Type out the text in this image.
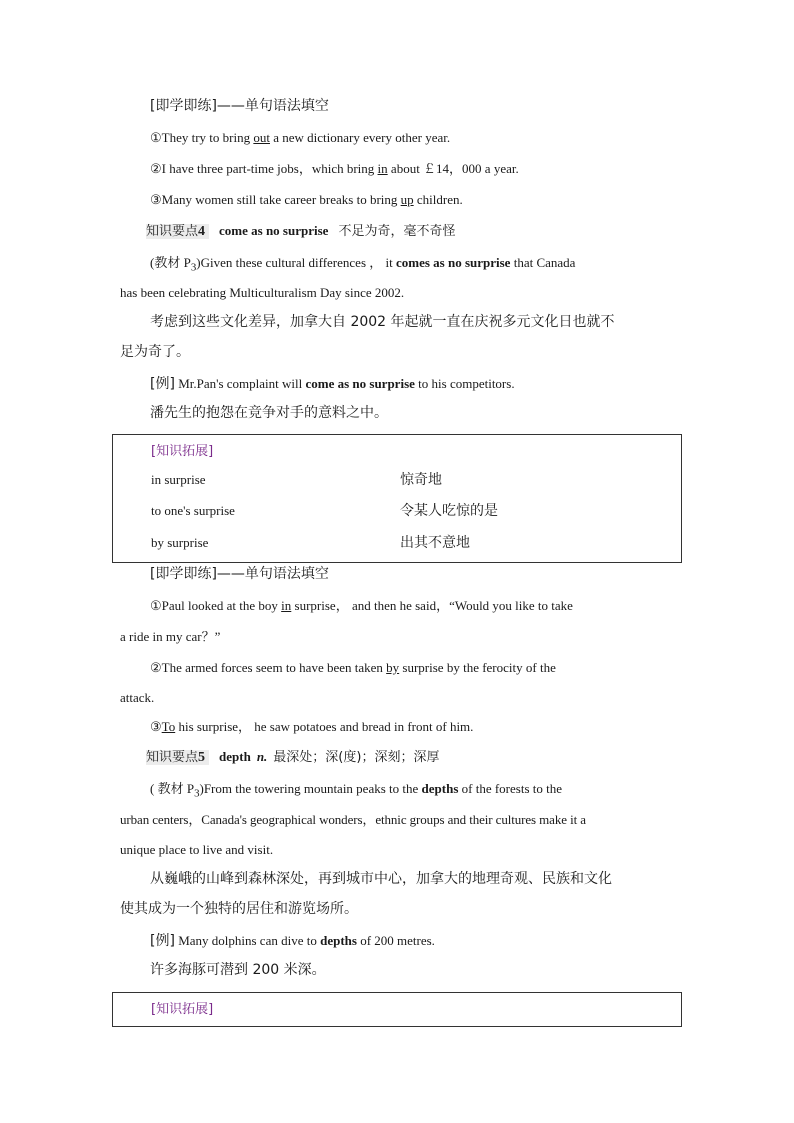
[即学即练]——单句语法填空
①They try to bring out a new dictionary every other year.
②I have three part-time jobs，which bring in about ￡14，000 a year.
③Many women still take career breaks to bring up children.
知识要点4 come as no surprise 不足为奇，毫不奇怪
(教材 $P_3)Given$ these cultural differences ， it comes as no surprise that Canada
has been celebrating Multiculturalism Day since 2002.
考虑到这些文化差异，加拿大自 2002 年起就一直在庆祝多元文化日也就不
足为奇了。
[例] Mr.Pan's complaint will come as no surprise to his competitors.
潘先生的抱怨在竞争对手的意料之中。
[知识拓展]
in surprise	惊奇地
to one's surprise	令某人吃惊的是
by surprise	出其不意地
[即学即练]——单句语法填空
①Paul looked at the boy in surprise， and then he said，“Would you like to take
a ride in my car？”
②The armed forces seem to have been taken by surprise by the ferocity of the
attack.
③To his surprise， he saw potatoes and bread in front of him.
知识要点5 depth n. 最深处；深(度)；深刻；深厚
( 教材 $P_3)From$ the towering mountain peaks to the depths of the forests to the
urban centers，Canada's geographical wonders，ethnic groups and their cultures make it a
unique place to live and visit.
从巍峨的山峰到森林深处，再到城市中心，加拿大的地理奇观、民族和文化
使其成为一个独特的居住和游览场所。
[例] Many dolphins can dive to depths of 200 metres.
许多海豚可潜到 200 米深。
[知识拓展]
